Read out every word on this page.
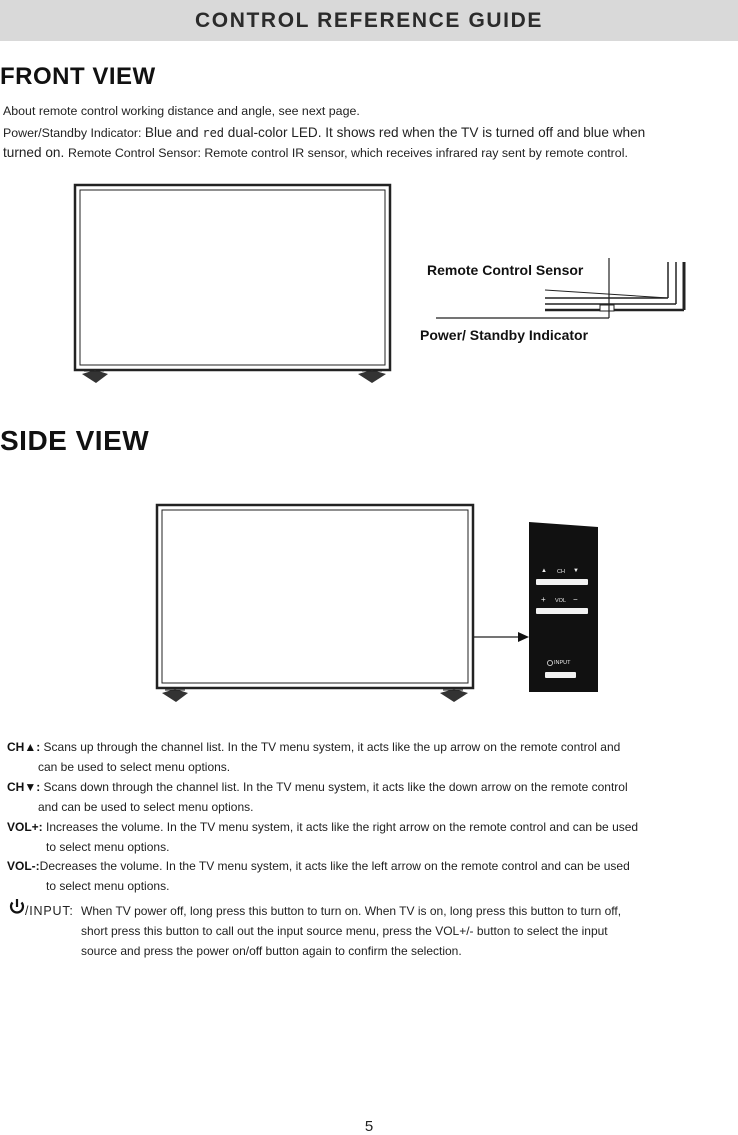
CONTROL REFERENCE GUIDE
FRONT VIEW
About remote control working distance and angle, see next page.
Power/Standby Indicator: Blue and red dual-color LED. It shows red when the TV is turned off and blue when
turned on. Remote Control Sensor: Remote control IR sensor, which receives infrared ray sent by remote control.
Remote Control Sensor
Power/ Standby Indicator
SIDE VIEW
▲ CH ▼
+ VOL −
INPUT
CH▲: Scans up through the channel list. In the TV menu system, it acts like the up arrow on the remote control and
can be used to select menu options.
CH▼: Scans down through the channel list. In the TV menu system, it acts like the down arrow on the remote control
and can be used to select menu options.
VOL+: Increases the volume. In the TV menu system, it acts like the right arrow on the remote control and can be used
to select menu options.
VOL-:Decreases the volume. In the TV menu system, it acts like the left arrow on the remote control and can be used
to select menu options.
/INPUT: When TV power off, long press this button to turn on. When TV is on, long press this button to turn off,
short press this button to call out the input source menu, press the VOL+/- button to select the input
source and press the power on/off button again to confirm the selection.
5
